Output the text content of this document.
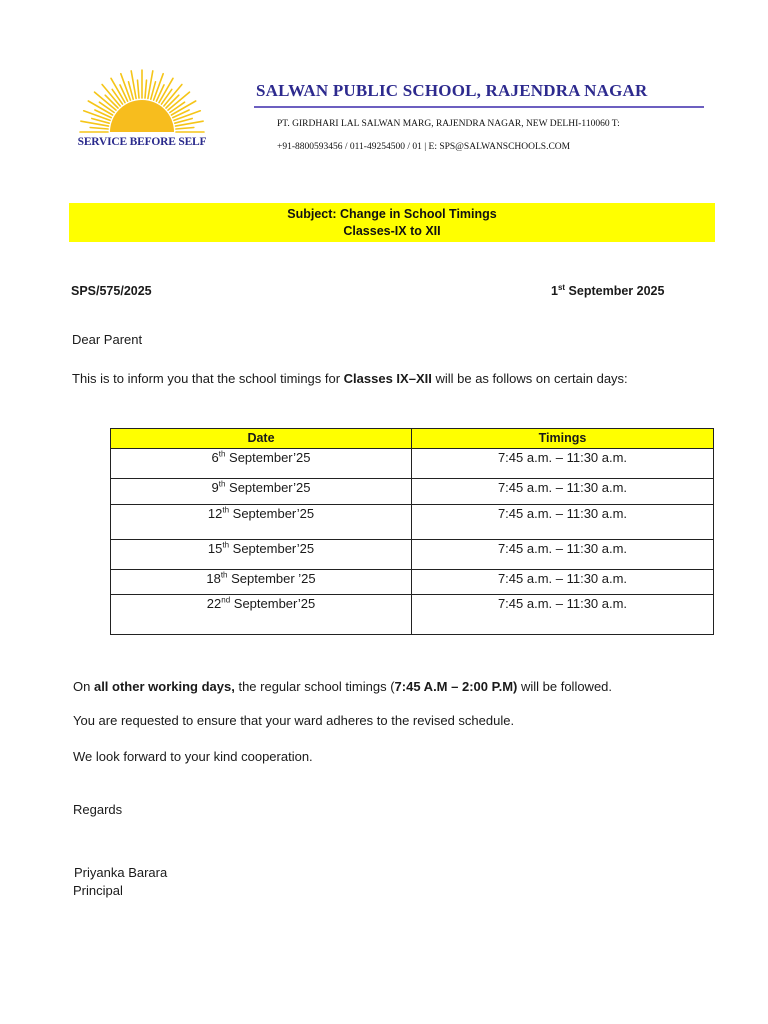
SERVICE BEFORE SELF
SALWAN PUBLIC SCHOOL, RAJENDRA NAGAR
PT. GIRDHARI LAL SALWAN MARG, RAJENDRA NAGAR, NEW DELHI-110060 T:
+91-8800593456 / 011-49254500 / 01 | E: SPS@SALWANSCHOOLS.COM
Subject: Change in School Timings
Classes-IX to XII
SPS/575/2025	1st September 2025
Dear Parent
This is to inform you that the school timings for Classes IX–XII will be as follows on certain days:
Date	Timings
6th September’25	7:45 a.m. – 11:30 a.m.
9th September’25	7:45 a.m. – 11:30 a.m.
12th September’25	7:45 a.m. – 11:30 a.m.
15th September’25	7:45 a.m. – 11:30 a.m.
18th September ’25	7:45 a.m. – 11:30 a.m.
22nd September’25	7:45 a.m. – 11:30 a.m.
On all other working days, the regular school timings (7:45 A.M – 2:00 P.M) will be followed.
You are requested to ensure that your ward adheres to the revised schedule.
We look forward to your kind cooperation.
Regards
Priyanka Barara
Principal
